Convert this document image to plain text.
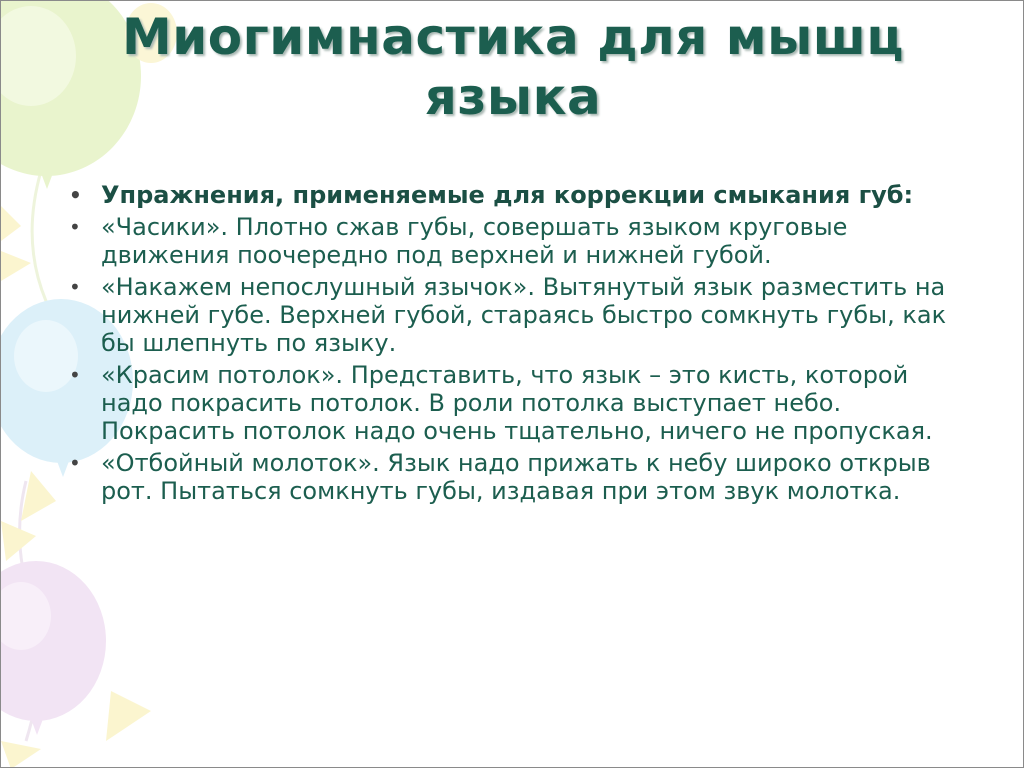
Миогимнастика для мышц
языка
• Упражнения, применяемые для коррекции смыкания губ:
• «Часики». Плотно сжав губы, совершать языком круговые движения поочередно под верхней и нижней губой.
• «Накажем непослушный язычок». Вытянутый язык разместить на нижней губе. Верхней губой, стараясь быстро сомкнуть губы, как бы шлепнуть по языку.
• «Красим потолок». Представить, что язык – это кисть, которой надо покрасить потолок. В роли потолка выступает небо. Покрасить потолок надо очень тщательно, ничего не пропуская.
• «Отбойный молоток». Язык надо прижать к небу широко открыв рот. Пытаться сомкнуть губы, издавая при этом звук молотка.
